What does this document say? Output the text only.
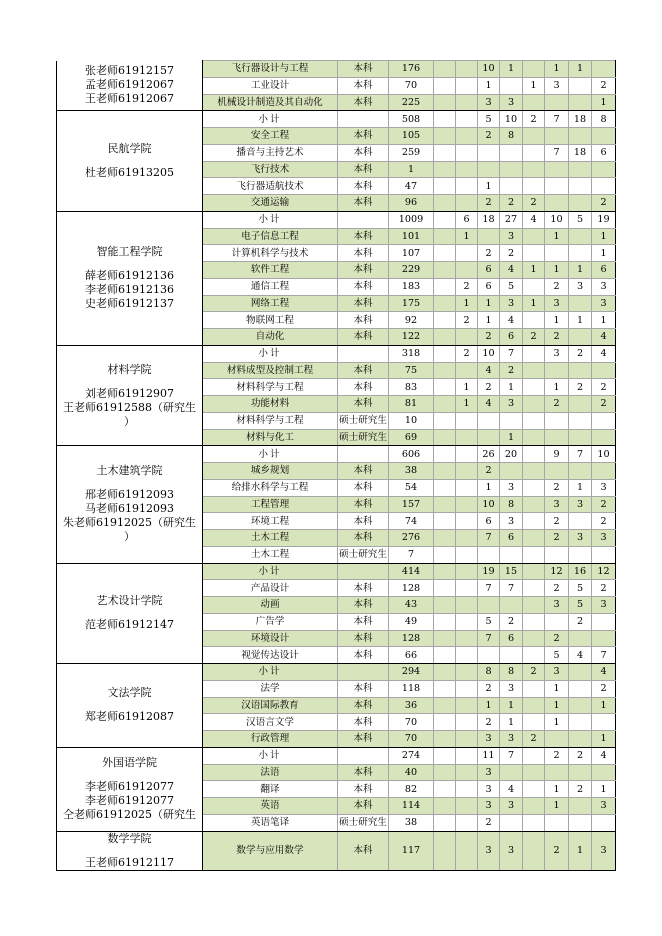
张老师61912157
孟老师61912067
王老师61912067	飞行器设计与工程	本科	176			10	1		1	1	
	工业设计	本科	70			1		1	3		2
	机械设计制造及其自动化	本科	225			3	3				1

民航学院
杜老师61913205	小计		508			5	10	2	7	18	8
	安全工程	本科	105			2	8				
	播音与主持艺术	本科	259						7	18	6
	飞行技术	本科	1								
	飞行器适航技术	本科	47			1					
	交通运输	本科	96			2	2	2			2

智能工程学院
薛老师61912136
李老师61912136
史老师61912137	小计		1009		6	18	27	4	10	5	19
	电子信息工程	本科	101		1		3		1		1
	计算机科学与技术	本科	107			2	2				1
	软件工程	本科	229			6	4	1	1	1	6
	通信工程	本科	183		2	6	5		2	3	3
	网络工程	本科	175		1	1	3	1	3		3
	物联网工程	本科	92		2	1	4		1	1	1
	自动化	本科	122			2	6	2	2		4

材料学院
刘老师61912907
王老师61912588（研究生
）	小计		318		2	10	7		3	2	4
	材料成型及控制工程	本科	75			4	2				
	材料科学与工程	本科	83		1	2	1		1	2	2
	功能材料	本科	81		1	4	3		2		2
	材料科学与工程	硕士研究生	10								
	材料与化工	硕士研究生	69				1				

土木建筑学院
邢老师61912093
马老师61912093
朱老师61912025（研究生
）	小计		606			26	20		9	7	10
	城乡规划	本科	38			2					
	给排水科学与工程	本科	54			1	3		2	1	3
	工程管理	本科	157			10	8		3	3	2
	环境工程	本科	74			6	3		2		2
	土木工程	本科	276			7	6		2	3	3
	土木工程	硕士研究生	7								

艺术设计学院
范老师61912147	小计		414			19	15		12	16	12
	产品设计	本科	128			7	7		2	5	2
	动画	本科	43						3	5	3
	广告学	本科	49			5	2			2	
	环境设计	本科	128			7	6		2		
	视觉传达设计	本科	66						5	4	7

文法学院
郑老师61912087	小计		294			8	8	2	3		4
	法学	本科	118			2	3		1		2
	汉语国际教育	本科	36			1	1		1		1
	汉语言文学	本科	70			2	1		1		
	行政管理	本科	70			3	3	2			1

外国语学院
李老师61912077
李老师61912077
仝老师61912025（研究生	小计		274			11	7		2	2	4
	法语	本科	40			3					
	翻译	本科	82			3	4		1	2	1
	英语	本科	114			3	3		1		3
	英语笔译	硕士研究生	38			2					

数学学院
王老师61912117	数学与应用数学	本科	117			3	3		2	1	3
